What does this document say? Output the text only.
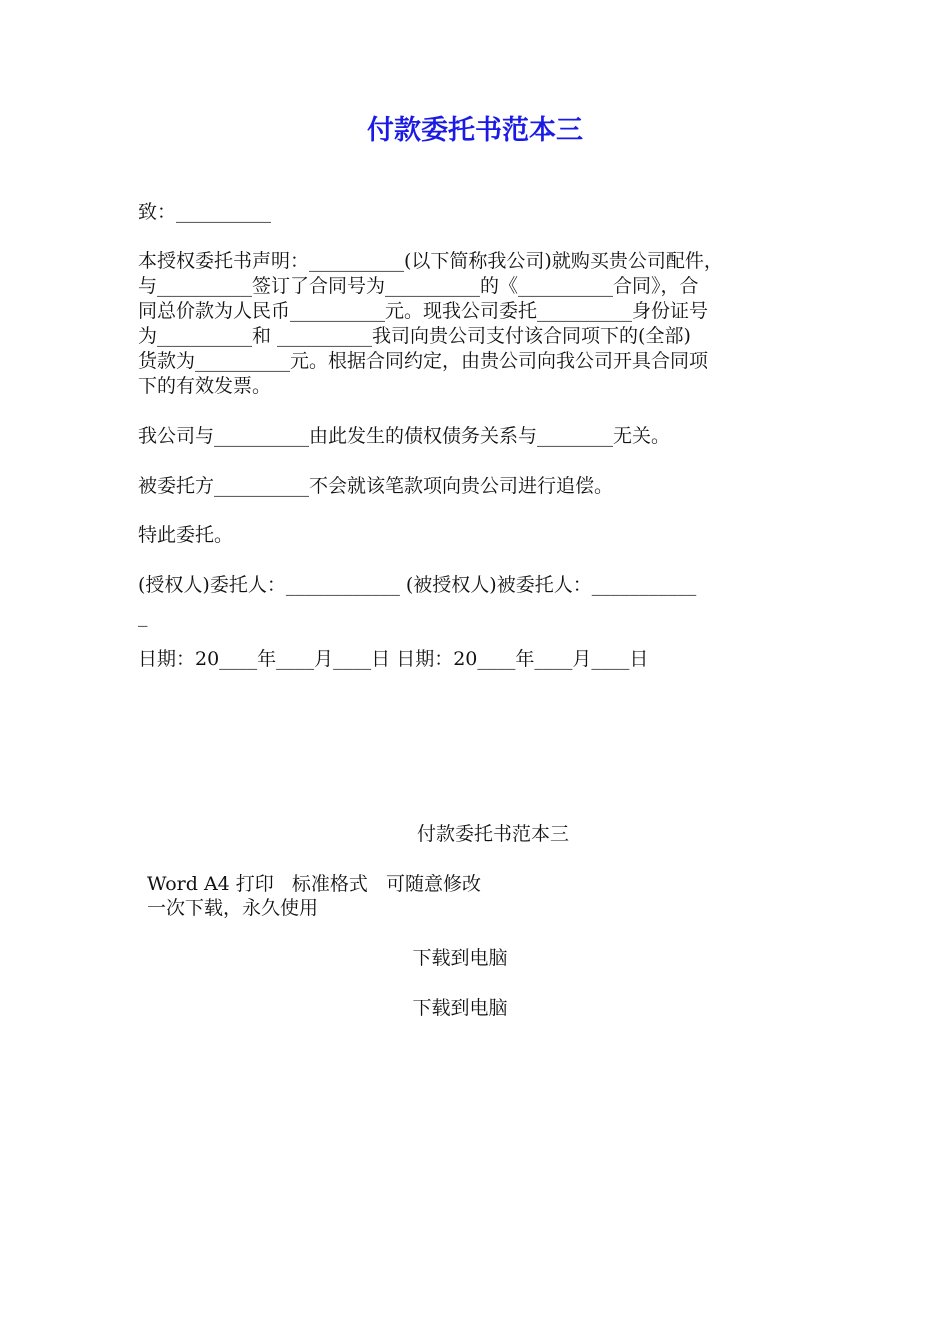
付款委托书范本三
致：__________
本授权委托书声明：__________(以下简称我公司)就购买贵公司配件，
与__________签订了合同号为__________的《__________合同》，合
同总价款为人民币__________元。现我公司委托__________身份证号
为__________和 __________我司向贵公司支付该合同项下的(全部)
货款为__________元。根据合同约定，由贵公司向我公司开具合同项
下的有效发票。
我公司与__________由此发生的债权债务关系与________无关。
被委托方__________不会就该笔款项向贵公司进行追偿。
特此委托。
(授权人)委托人：____________ (被授权人)被委托人：___________
_
日期：20____年____月____日 日期：20____年____月____日
付款委托书范本三
Word A4 打印   标准格式   可随意修改
一次下载，永久使用
下载到电脑
下载到电脑
